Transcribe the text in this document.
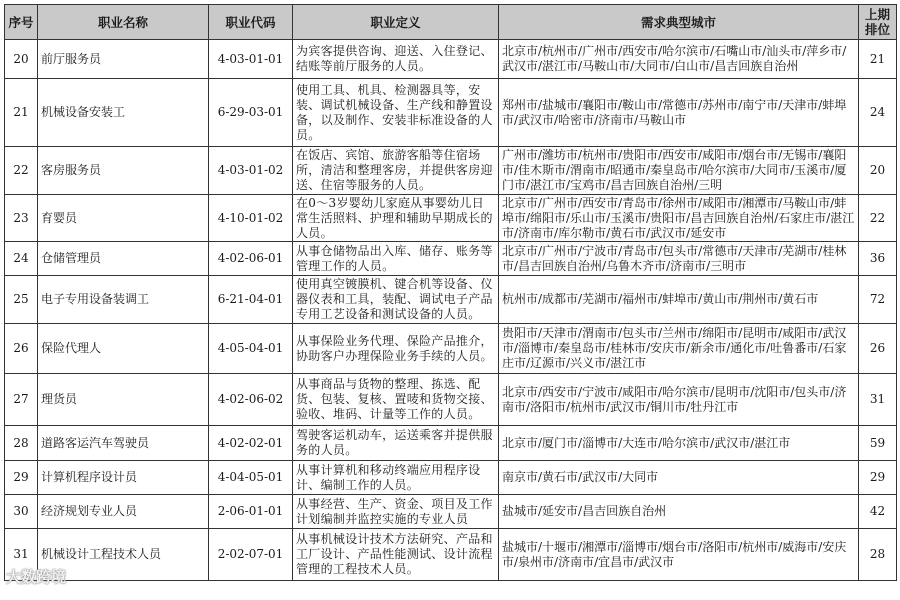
序号	职业名称	职业代码	职业定义	需求典型城市	上期排位
20	前厅服务员	4-03-01-01	为宾客提供咨询、迎送、入住登记、结账等前厅服务的人员。	北京市/杭州市/广州市/西安市/哈尔滨市/石嘴山市/汕头市/萍乡市/武汉市/湛江市/马鞍山市/大同市/白山市/昌吉回族自治州	21
21	机械设备安装工	6-29-03-01	使用工具、机具、检测器具等，安装、调试机械设备、生产线和静置设备，以及制作、安装非标准设备的人员。	郑州市/盐城市/襄阳市/鞍山市/常德市/苏州市/南宁市/天津市/蚌埠市/武汉市/哈密市/济南市/马鞍山市	24
22	客房服务员	4-03-01-02	在饭店、宾馆、旅游客船等住宿场所，清洁和整理客房，并提供客房迎送、住宿等服务的人员。	广州市/潍坊市/杭州市/贵阳市/西安市/咸阳市/烟台市/无锡市/襄阳市/佳木斯市/渭南市/昭通市/秦皇岛市/哈尔滨市/大同市/玉溪市/厦门市/湛江市/宝鸡市/昌吉回族自治州/三明	20
23	育婴员	4-10-01-02	在0～3岁婴幼儿家庭从事婴幼儿日常生活照料、护理和辅助早期成长的人员。	北京市/广州市/西安市/青岛市/徐州市/咸阳市/湘潭市/马鞍山市/蚌埠市/绵阳市/乐山市/玉溪市/贵阳市/昌吉回族自治州/石家庄市/湛江市/济南市/库尔勒市/黄石市/武汉市/延安市	22
24	仓储管理员	4-02-06-01	从事仓储物品出入库、储存、账务等管理工作的人员。	北京市/广州市/宁波市/青岛市/包头市/常德市/天津市/芜湖市/桂林市/昌吉回族自治州/乌鲁木齐市/济南市/三明市	36
25	电子专用设备装调工	6-21-04-01	使用真空镀膜机、键合机等设备、仪器仪表和工具，装配、调试电子产品专用工艺设备和测试设备的人员。	杭州市/成都市/芜湖市/福州市/蚌埠市/黄山市/荆州市/黄石市	72
26	保险代理人	4-05-04-01	从事保险业务代理、保险产品推介，协助客户办理保险业务手续的人员。	贵阳市/天津市/渭南市/包头市/兰州市/绵阳市/昆明市/咸阳市/武汉市/淄博市/秦皇岛市/桂林市/安庆市/新余市/通化市/吐鲁番市/石家庄市/辽源市/兴义市/湛江市	26
27	理货员	4-02-06-02	从事商品与货物的整理、拣选、配货、包装、复核、置唛和货物交接、验收、堆码、计量等工作的人员。	北京市/西安市/宁波市/咸阳市/哈尔滨市/昆明市/沈阳市/包头市/济南市/洛阳市/杭州市/武汉市/铜川市/牡丹江市	31
28	道路客运汽车驾驶员	4-02-02-01	驾驶客运机动车，运送乘客并提供服务的人员。	北京市/厦门市/淄博市/大连市/哈尔滨市/武汉市/湛江市	59
29	计算机程序设计员	4-04-05-01	从事计算机和移动终端应用程序设计、编制工作的人员。	南京市/黄石市/武汉市/大同市	29
30	经济规划专业人员	2-06-01-01	从事经营、生产、资金、项目及工作计划编制并监控实施的专业人员	盐城市/延安市/昌吉回族自治州	42
31	机械设计工程技术人员	2-02-07-01	从事机械设计技术方法研究、产品和工厂设计、产品性能测试、设计流程管理的工程技术人员。	盐城市/十堰市/湘潭市/淄博市/烟台市/洛阳市/杭州市/威海市/安庆市/泉州市/济南市/宜昌市/武汉市	28
大数跨境
